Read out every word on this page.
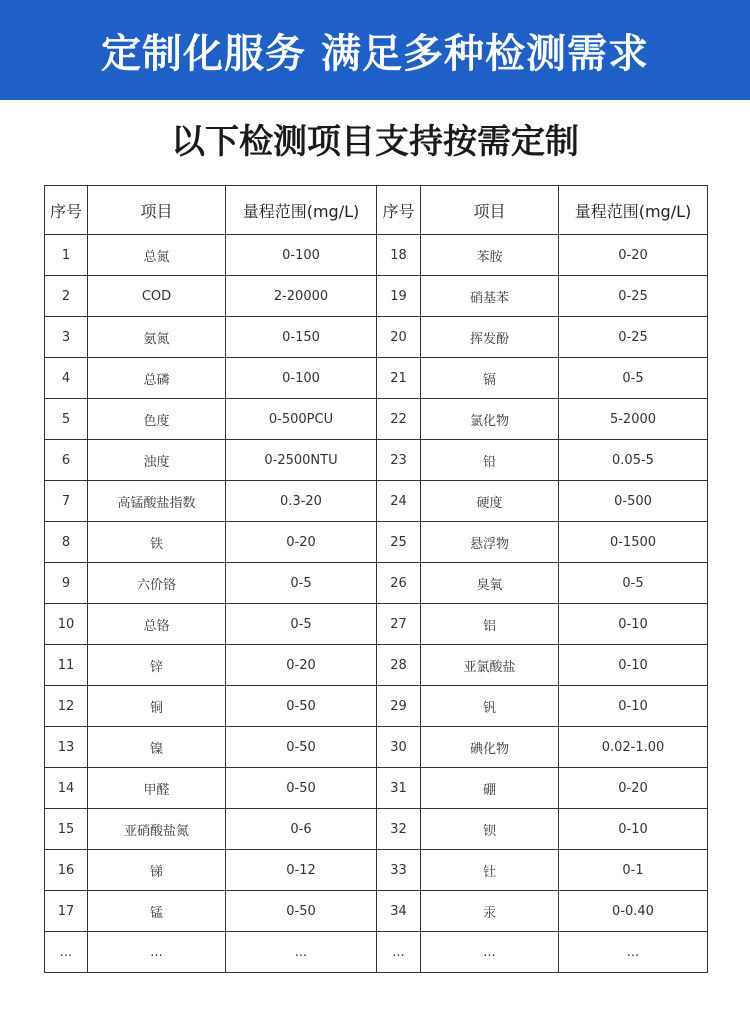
定制化服务 满足多种检测需求
以下检测项目支持按需定制
序号	项目	量程范围(mg/L)	序号	项目	量程范围(mg/L)
1	总氮	0-100	18	苯胺	0-20
2	COD	2-20000	19	硝基苯	0-25
3	氨氮	0-150	20	挥发酚	0-25
4	总磷	0-100	21	镉	0-5
5	色度	0-500PCU	22	氯化物	5-2000
6	浊度	0-2500NTU	23	铅	0.05-5
7	高锰酸盐指数	0.3-20	24	硬度	0-500
8	铁	0-20	25	悬浮物	0-1500
9	六价铬	0-5	26	臭氧	0-5
10	总铬	0-5	27	铝	0-10
11	锌	0-20	28	亚氯酸盐	0-10
12	铜	0-50	29	钒	0-10
13	镍	0-50	30	碘化物	0.02-1.00
14	甲醛	0-50	31	硼	0-20
15	亚硝酸盐氮	0-6	32	钡	0-10
16	锑	0-12	33	钍	0-1
17	锰	0-50	34	汞	0-0.40
...	...	...	...	...	...
